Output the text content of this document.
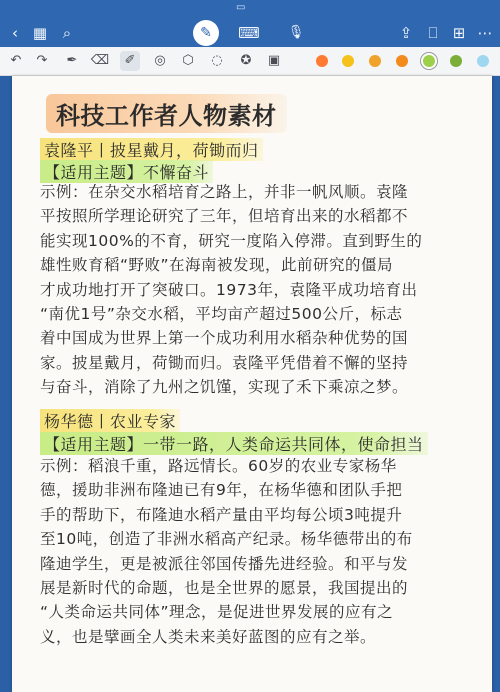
▭
‹ ▦	⌕	✎	⌨ 🎙	⇪	⎕	⊞ ⋯
↶	↷	✒	⌫	✐	◎	⬡	◌	✪	▣
科技工作者人物素材
袁隆平丨披星戴月，荷锄而归
【适用主题】不懈奋斗
示例：在杂交水稻培育之路上，并非一帆风顺。袁隆
平按照所学理论研究了三年，但培育出来的水稻都不
能实现100%的不育，研究一度陷入停滞。直到野生的
雄性败育稻“野败”在海南被发现，此前研究的僵局
才成功地打开了突破口。1973年，袁隆平成功培育出
“南优1号”杂交水稻，平均亩产超过500公斤，标志
着中国成为世界上第一个成功利用水稻杂种优势的国
家。披星戴月，荷锄而归。袁隆平凭借着不懈的坚持
与奋斗，消除了九州之饥馑，实现了禾下乘凉之梦。
杨华德丨农业专家
【适用主题】一带一路，人类命运共同体，使命担当
示例：稻浪千重，路远情长。60岁的农业专家杨华
德，援助非洲布隆迪已有9年，在杨华德和团队手把
手的帮助下，布隆迪水稻产量由平均每公顷3吨提升
至10吨，创造了非洲水稻高产纪录。杨华德带出的布
隆迪学生，更是被派往邻国传播先进经验。和平与发
展是新时代的命题，也是全世界的愿景，我国提出的
“人类命运共同体”理念，是促进世界发展的应有之
义，也是擘画全人类未来美好蓝图的应有之举。
